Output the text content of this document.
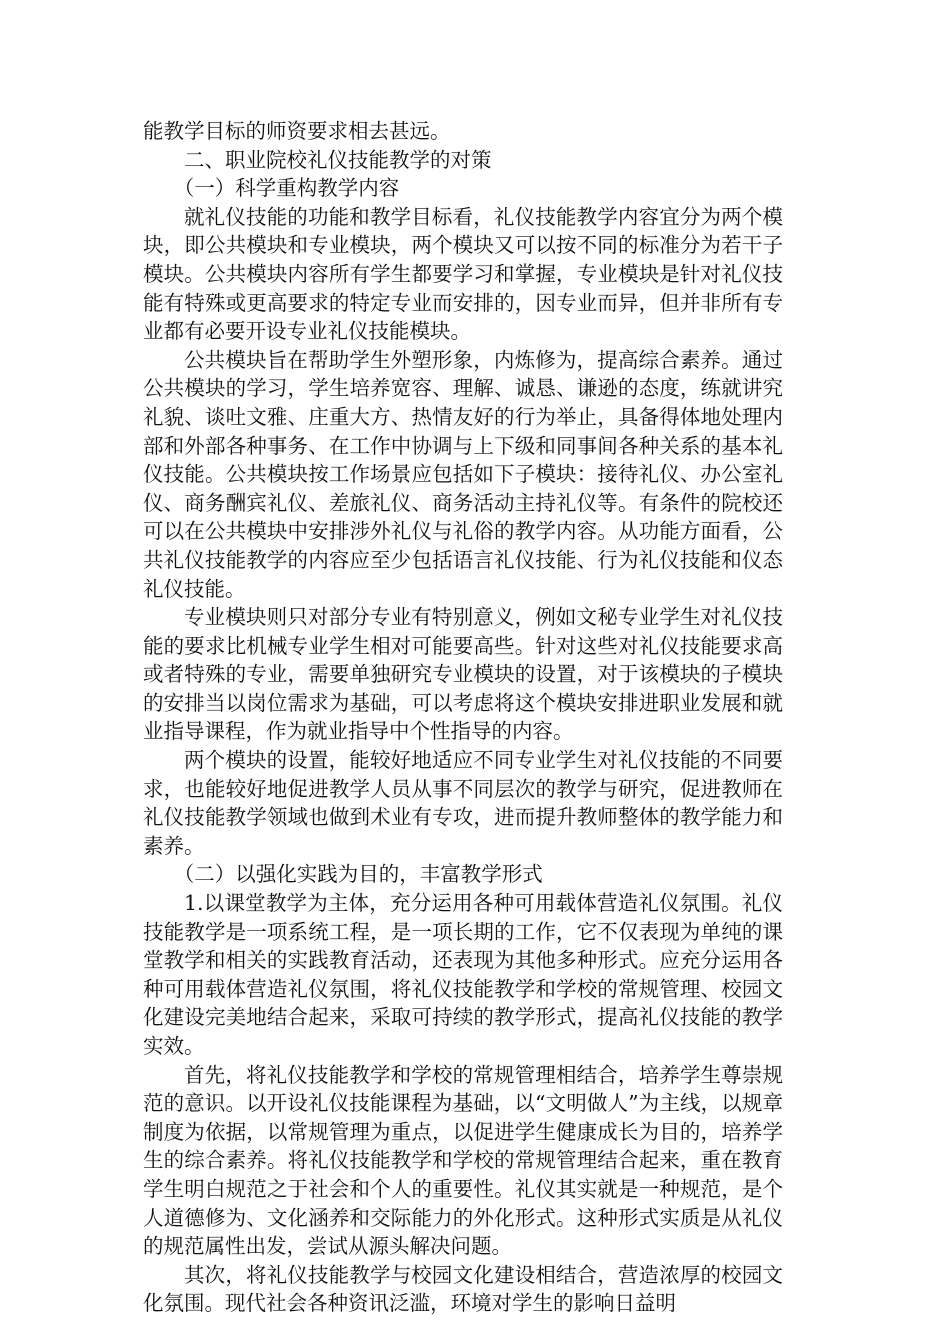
能教学目标的师资要求相去甚远。

二、职业院校礼仪技能教学的对策

（一）科学重构教学内容

就礼仪技能的功能和教学目标看，礼仪技能教学内容宜分为两个模块，即公共模块和专业模块，两个模块又可以按不同的标准分为若干子模块。公共模块内容所有学生都要学习和掌握，专业模块是针对礼仪技能有特殊或更高要求的特定专业而安排的，因专业而异，但并非所有专业都有必要开设专业礼仪技能模块。

公共模块旨在帮助学生外塑形象，内炼修为，提高综合素养。通过公共模块的学习，学生培养宽容、理解、诚恳、谦逊的态度，练就讲究礼貌、谈吐文雅、庄重大方、热情友好的行为举止，具备得体地处理内部和外部各种事务、在工作中协调与上下级和同事间各种关系的基本礼仪技能。公共模块按工作场景应包括如下子模块：接待礼仪、办公室礼仪、商务酬宾礼仪、差旅礼仪、商务活动主持礼仪等。有条件的院校还可以在公共模块中安排涉外礼仪与礼俗的教学内容。从功能方面看，公共礼仪技能教学的内容应至少包括语言礼仪技能、行为礼仪技能和仪态礼仪技能。

专业模块则只对部分专业有特别意义，例如文秘专业学生对礼仪技能的要求比机械专业学生相对可能要高些。针对这些对礼仪技能要求高或者特殊的专业，需要单独研究专业模块的设置，对于该模块的子模块的安排当以岗位需求为基础，可以考虑将这个模块安排进职业发展和就业指导课程，作为就业指导中个性指导的内容。

两个模块的设置，能较好地适应不同专业学生对礼仪技能的不同要求，也能较好地促进教学人员从事不同层次的教学与研究，促进教师在礼仪技能教学领域也做到术业有专攻，进而提升教师整体的教学能力和素养。

（二）以强化实践为目的，丰富教学形式

1.以课堂教学为主体，充分运用各种可用载体营造礼仪氛围。礼仪技能教学是一项系统工程，是一项长期的工作，它不仅表现为单纯的课堂教学和相关的实践教育活动，还表现为其他多种形式。应充分运用各种可用载体营造礼仪氛围，将礼仪技能教学和学校的常规管理、校园文化建设完美地结合起来，采取可持续的教学形式，提高礼仪技能的教学实效。

首先，将礼仪技能教学和学校的常规管理相结合，培养学生尊崇规范的意识。以开设礼仪技能课程为基础，以“文明做人”为主线，以规章制度为依据，以常规管理为重点，以促进学生健康成长为目的，培养学生的综合素养。将礼仪技能教学和学校的常规管理结合起来，重在教育学生明白规范之于社会和个人的重要性。礼仪其实就是一种规范，是个人道德修为、文化涵养和交际能力的外化形式。这种形式实质是从礼仪的规范属性出发，尝试从源头解决问题。

其次，将礼仪技能教学与校园文化建设相结合，营造浓厚的校园文化氛围。现代社会各种资讯泛滥，环境对学生的影响日益明
